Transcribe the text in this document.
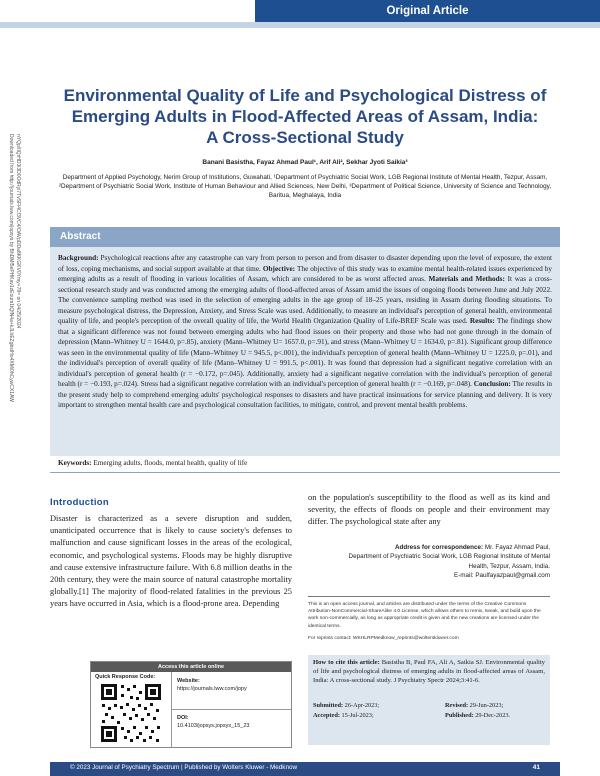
Original Article
Downloaded from http://journals.lww.com/jopsys by BhDMf5ePHKav1zEoum1tQfN4a+kJLhEZgbsIHo4XMi0hCywCX1AW nYQp/IlQrHD3i3D0OdRyi7TvSFl4Cf3VC4/OAVpDDa8KKGKV0Ymy+78= on 04/25/2024
Environmental Quality of Life and Psychological Distress of
Emerging Adults in Flood-Affected Areas of Assam, India:
A Cross-Sectional Study
Banani Basistha, Fayaz Ahmad Paul¹, Arif Ali², Sekhar Jyoti Saikia³
Department of Applied Psychology, Nerim Group of Institutions, Guwahati, ¹Department of Psychiatric Social Work, LGB Regional Institute of Mental Health, Tezpur, Assam, ²Department of Psychiatric Social Work, Institute of Human Behaviour and Allied Sciences, New Delhi, ³Department of Political Science, University of Science and Technology, Baritua, Meghalaya, India
Abstract
Background: Psychological reactions after any catastrophe can vary from person to person and from disaster to disaster depending upon the level of exposure, the extent of loss, coping mechanisms, and social support available at that time. Objective: The objective of this study was to examine mental health-related issues experienced by emerging adults as a result of flooding in various localities of Assam, which are considered to be as worst affected areas. Materials and Methods: It was a cross-sectional research study and was conducted among the emerging adults of flood-affected areas of Assam amid the issues of ongoing floods between June and July 2022. The convenience sampling method was used in the selection of emerging adults in the age group of 18–25 years, residing in Assam during flooding situations. To measure psychological distress, the Depression, Anxiety, and Stress Scale was used. Additionally, to measure an individual's perception of general health, environmental quality of life, and people's perception of the overall quality of life, the World Health Organization Quality of Life-BREF Scale was used. Results: The findings show that a significant difference was not found between emerging adults who had flood issues on their property and those who had not gone through in the domain of depression (Mann–Whitney U = 1644.0, p=.85), anxiety (Mann–Whitney U= 1657.0, p=.91), and stress (Mann–Whitney U = 1634.0, p=.81). Significant group difference was seen in the environmental quality of life (Mann–Whitney U = 945.5, p<.001), the individual's perception of general health (Mann–Whitney U = 1225.0, p=.01), and the individual's perception of overall quality of life (Mann–Whitney U = 991.5, p<.001). It was found that depression had a significant negative correlation with an individual's perception of general health (r = −0.172, p=.045). Additionally, anxiety had a significant negative correlation with the individual's perception of general health (r = −0.193, p=.024). Stress had a significant negative correlation with an individual's perception of general health (r = −0.169, p=.048). Conclusion: The results in the present study help to comprehend emerging adults' psychological responses to disasters and have practical insinuations for service planning and delivery. It is very important to strengthen mental health care and psychological consultation facilities, to mitigate, control, and prevent mental health problems.
Keywords: Emerging adults, floods, mental health, quality of life
Introduction
Disaster is characterized as a severe disruption and sudden, unanticipated occurrence that is likely to cause society's defenses to malfunction and cause significant losses in the areas of the ecological, economic, and psychological systems. Floods may be highly disruptive and cause extensive infrastructure failure. With 6.8 million deaths in the 20th century, they were the main source of natural catastrophe mortality globally.[1] The majority of flood-related fatalities in the previous 25 years have occurred in Asia, which is a flood-prone area. Depending
on the population's susceptibility to the flood as well as its kind and severity, the effects of floods on people and their environment may differ. The psychological state after any
Address for correspondence: Mr. Fayaz Ahmad Paul,
Department of Psychiatric Social Work, LGB Regional Institute of Mental
Health, Tezpur, Assam, India.
E-mail: Paulfayazpaul@gmail.com
This is an open access journal, and articles are distributed under the terms of the Creative Commons Attribution-NonCommercial-ShareAlike 4.0 License, which allows others to remix, tweak, and build upon the work non-commercially, as long as appropriate credit is given and the new creations are licensed under the identical terms.
For reprints contact: WKHLRPMedknow_reprints@wolterskluwer.com
How to cite this article: Basistha B, Paul FA, Ali A, Saikia SJ. Environmental quality of life and psychological distress of emerging adults in flood-affected areas of Assam, India: A cross-sectional study. J Psychiatry Spectr 2024;3:41-6.
Submitted: 26-Apr-2023;	Revised: 29-Jun-2023;
Accepted: 15-Jul-2023;	Published: 29-Dec-2023.
Access this article online
Quick Response Code:
Website:
https://journals.lww.com/jopy
DOI:
10.4103/jopsys.jopsys_15_23
© 2023 Journal of Psychiatry Spectrum | Published by Wolters Kluwer - Medknow	41
